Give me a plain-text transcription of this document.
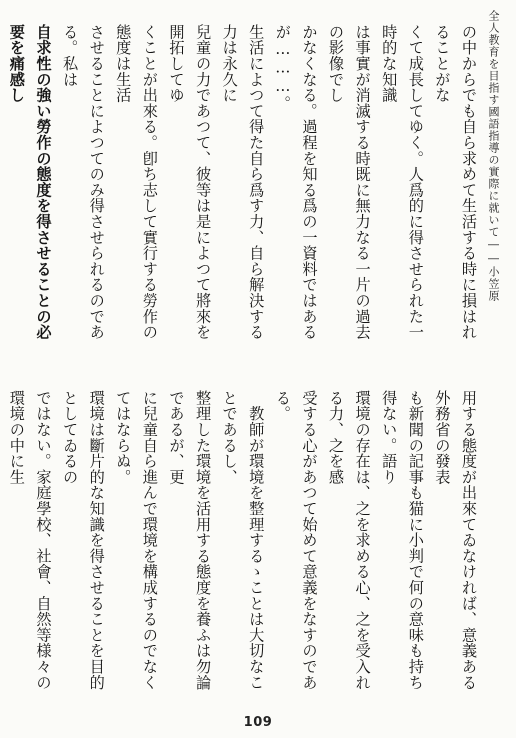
全人教育を目指す國語指導の實際に就いて――小笠原

の中からでも自ら求めて生活する時に損はれることがな

くて成長してゆく。人爲的に得させられた一時的な知識

は事實が消滅する時既に無力なる一片の過去の影像でし

かなくなる。過程を知る爲の一資料ではあるが………。

生活によつて得た自ら爲す力、自ら解決する力は永久に

兒童の力であつて、彼等は是によつて將來を開拓してゆ

くことが出來る。卽ち志して實行する勞作の態度は生活

させることによつてのみ得させられるのである。私は

自求性の強い勞作の態度を得させることの必要を痛感し

用する態度が出來てゐなければ、意義ある外務省の發表

も新聞の記事も猫に小判で何の意味も持ち得ない。語り

環境の存在は、之を求める心、之を受入れる力、之を感

受する心があつて始めて意義をなすのである。

　教師が環境を整理するゝことは大切なことであるし、

整理した環境を活用する態度を養ふは勿論であるが、更

に兒童自ら進んで環境を構成するのでなくてはならぬ。

環境は斷片的な知識を得させることを目的としてゐるの

ではない。家庭學校、社會、自然等様々の環境の中に生

109
